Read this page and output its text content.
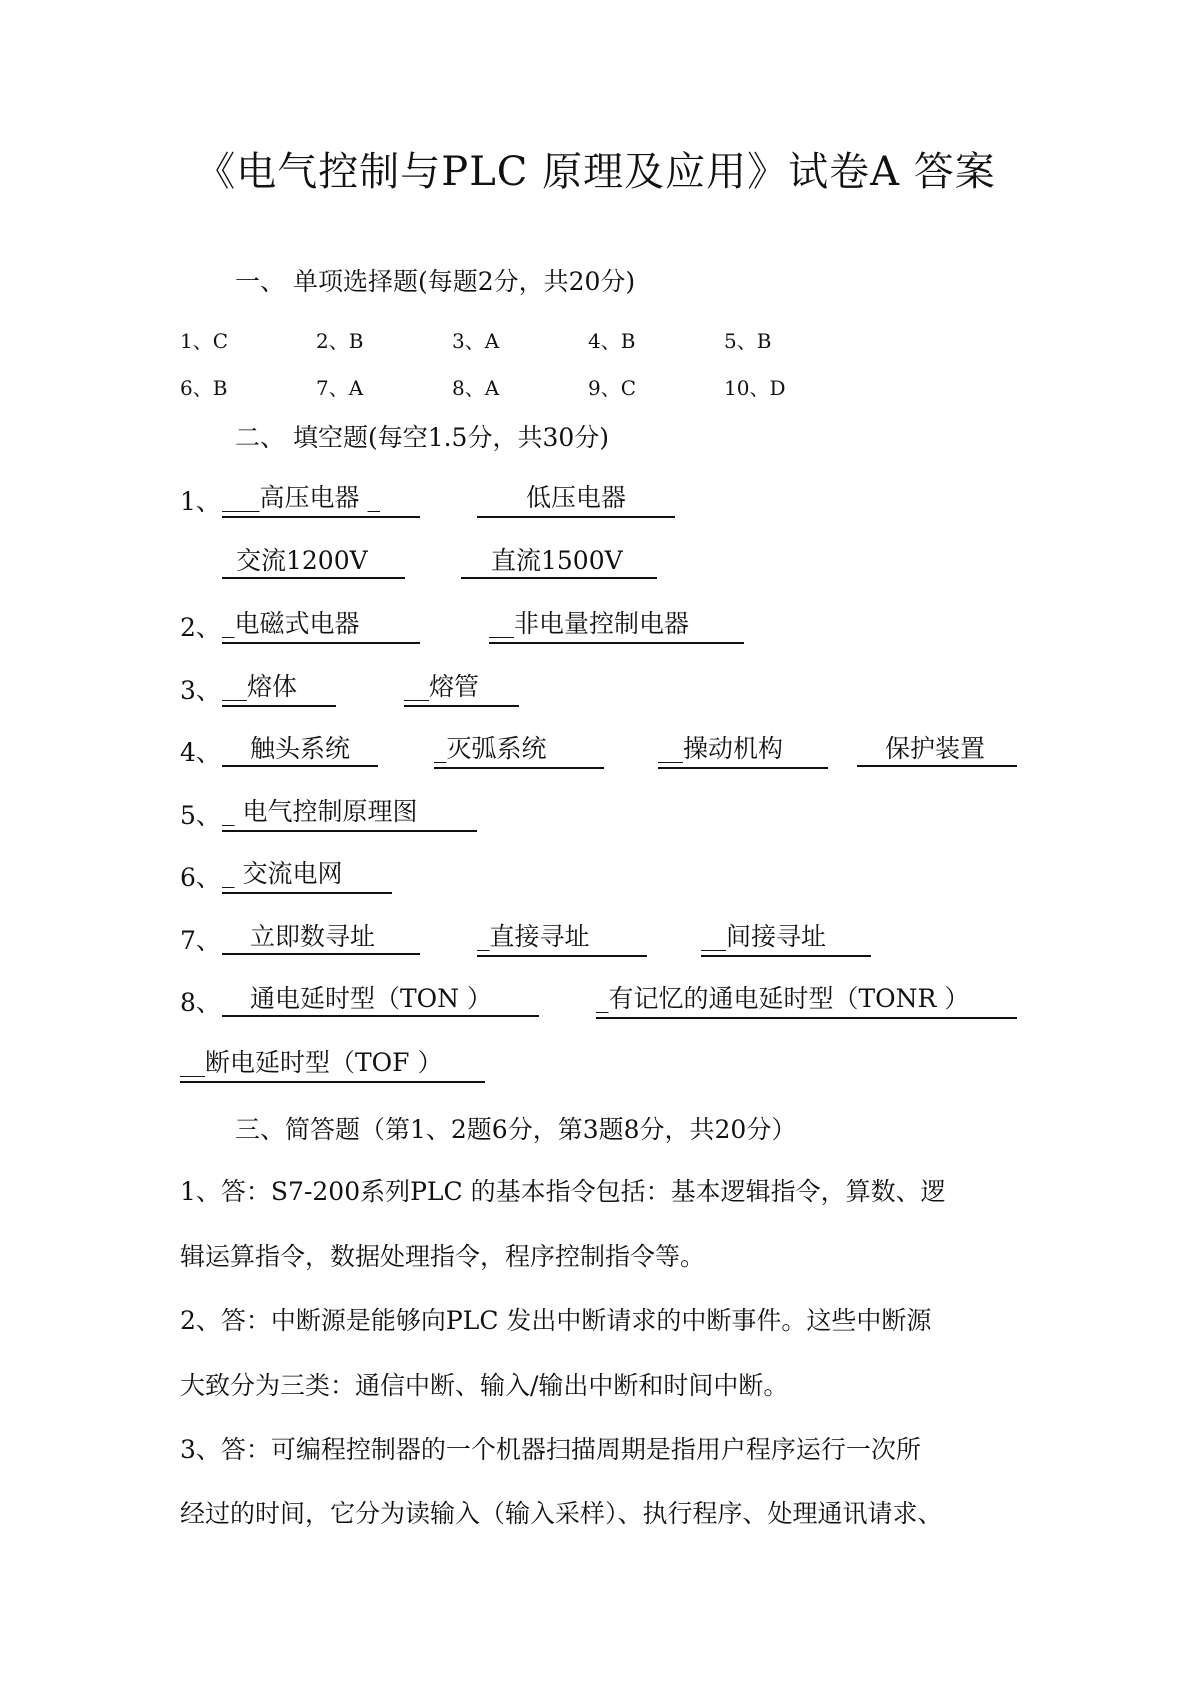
《电气控制与PLC 原理及应用》试卷A 答案
一、 单项选择题(每题2分，共20分)
1、C	2、B	3、A	4、B	5、B
6、B	7、A	8、A	9、C	10、D
二、 填空题(每空1.5分，共30分)
1、 ___高压电器 _	低压电器
交流1200V	直流1500V
2、 _电磁式电器	__非电量控制电器
3、 __熔体	__熔管
4、	触头系统	_灭弧系统	__操动机构	保护装置
5、 _ 电气控制原理图
6、 _ 交流电网
7、	立即数寻址	_直接寻址	__间接寻址
8、	通电延时型（TON ）	_有记忆的通电延时型（TONR ）
__断电延时型（TOF ）
三、简答题（第1、2题6分，第3题8分，共20分）
1、答：S7-200系列PLC 的基本指令包括：基本逻辑指令，算数、逻
辑运算指令，数据处理指令，程序控制指令等。
2、答：中断源是能够向PLC 发出中断请求的中断事件。这些中断源
大致分为三类：通信中断、输入/输出中断和时间中断。
3、答：可编程控制器的一个机器扫描周期是指用户程序运行一次所
经过的时间，它分为读输入（输入采样）、执行程序、处理通讯请求、
